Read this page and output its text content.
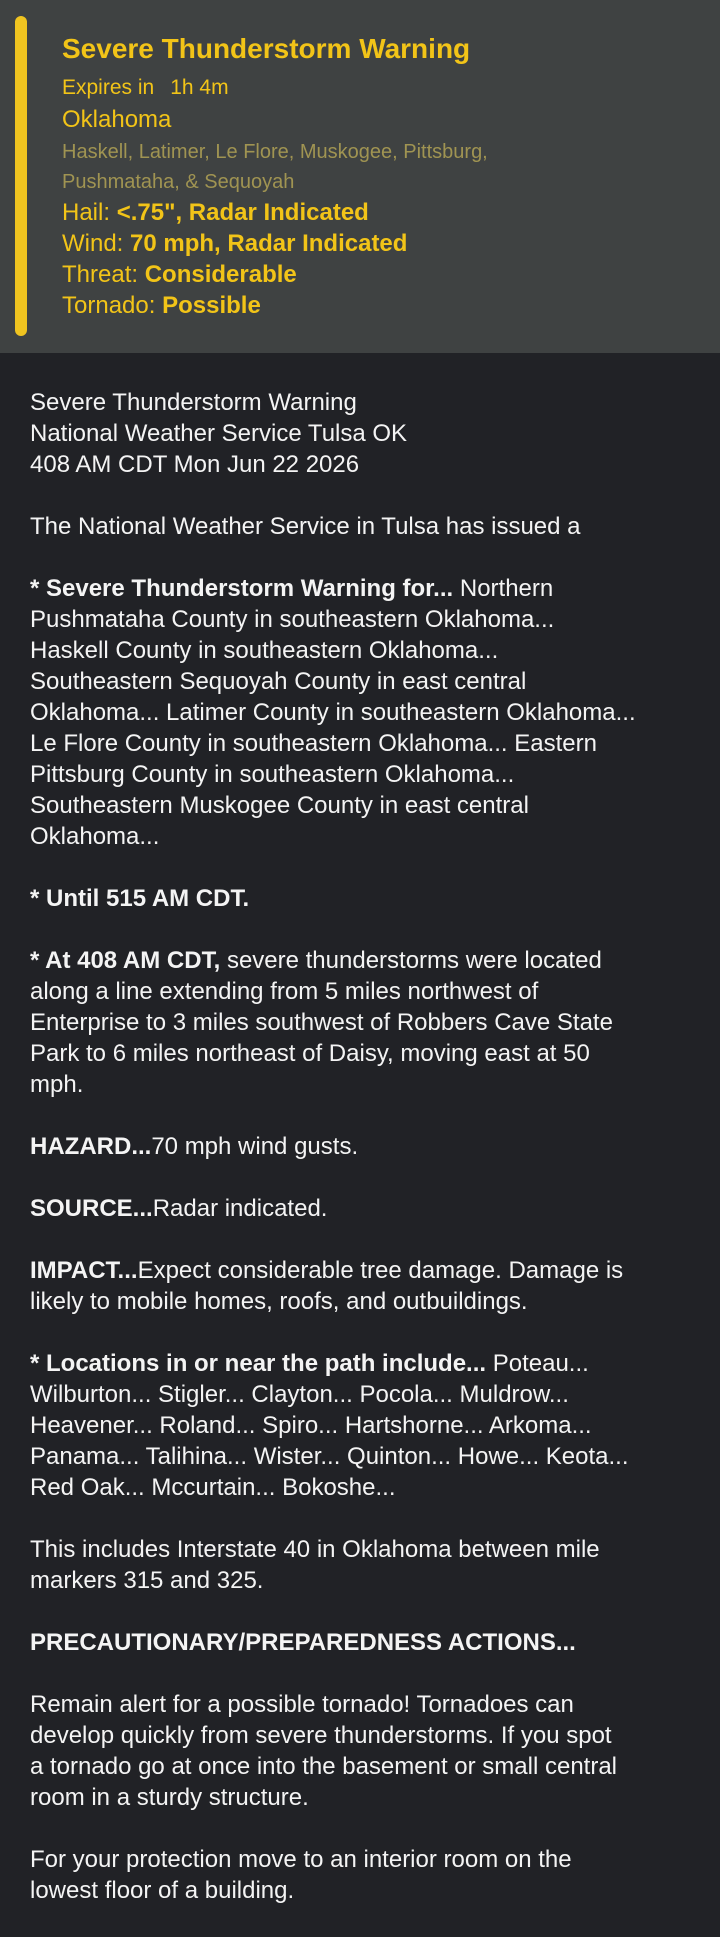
Severe Thunderstorm Warning
Expires in 1h 4m
Oklahoma
Haskell, Latimer, Le Flore, Muskogee, Pittsburg,
Pushmataha, & Sequoyah
Hail: <.75", Radar Indicated
Wind: 70 mph, Radar Indicated
Threat: Considerable
Tornado: Possible
Severe Thunderstorm Warning
National Weather Service Tulsa OK
408 AM CDT Mon Jun 22 2026
The National Weather Service in Tulsa has issued a
* Severe Thunderstorm Warning for... Northern
Pushmataha County in southeastern Oklahoma...
Haskell County in southeastern Oklahoma...
Southeastern Sequoyah County in east central
Oklahoma... Latimer County in southeastern Oklahoma...
Le Flore County in southeastern Oklahoma... Eastern
Pittsburg County in southeastern Oklahoma...
Southeastern Muskogee County in east central
Oklahoma...
* Until 515 AM CDT.
* At 408 AM CDT, severe thunderstorms were located
along a line extending from 5 miles northwest of
Enterprise to 3 miles southwest of Robbers Cave State
Park to 6 miles northeast of Daisy, moving east at 50
mph.
HAZARD...70 mph wind gusts.
SOURCE...Radar indicated.
IMPACT...Expect considerable tree damage. Damage is
likely to mobile homes, roofs, and outbuildings.
* Locations in or near the path include... Poteau...
Wilburton... Stigler... Clayton... Pocola... Muldrow...
Heavener... Roland... Spiro... Hartshorne... Arkoma...
Panama... Talihina... Wister... Quinton... Howe... Keota...
Red Oak... Mccurtain... Bokoshe...
This includes Interstate 40 in Oklahoma between mile
markers 315 and 325.
PRECAUTIONARY/PREPAREDNESS ACTIONS...
Remain alert for a possible tornado! Tornadoes can
develop quickly from severe thunderstorms. If you spot
a tornado go at once into the basement or small central
room in a sturdy structure.
For your protection move to an interior room on the
lowest floor of a building.
